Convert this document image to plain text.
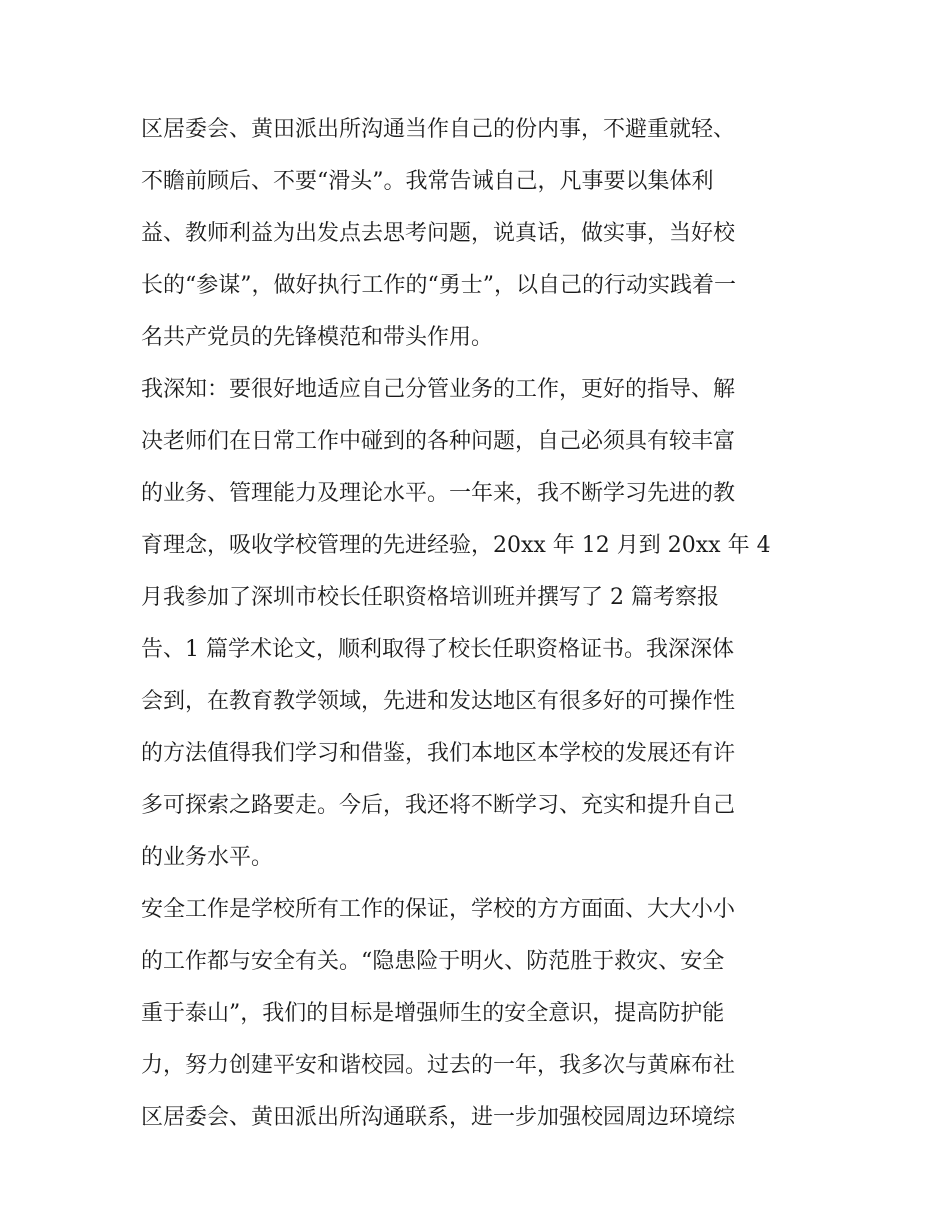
区居委会、黄田派出所沟通当作自己的份内事，不避重就轻、
不瞻前顾后、不要“滑头”。我常告诫自己，凡事要以集体利
益、教师利益为出发点去思考问题，说真话，做实事，当好校
长的“参谋”，做好执行工作的“勇士”，以自己的行动实践着一
名共产党员的先锋模范和带头作用。
我深知：要很好地适应自己分管业务的工作，更好的指导、解
决老师们在日常工作中碰到的各种问题，自己必须具有较丰富
的业务、管理能力及理论水平。一年来，我不断学习先进的教
育理念，吸收学校管理的先进经验，20xx 年 12 月到 20xx 年 4
月我参加了深圳市校长任职资格培训班并撰写了 2 篇考察报
告、1 篇学术论文，顺利取得了校长任职资格证书。我深深体
会到，在教育教学领域，先进和发达地区有很多好的可操作性
的方法值得我们学习和借鉴，我们本地区本学校的发展还有许
多可探索之路要走。今后，我还将不断学习、充实和提升自己
的业务水平。
安全工作是学校所有工作的保证，学校的方方面面、大大小小
的工作都与安全有关。“隐患险于明火、防范胜于救灾、安全
重于泰山”，我们的目标是增强师生的安全意识，提高防护能
力，努力创建平安和谐校园。过去的一年，我多次与黄麻布社
区居委会、黄田派出所沟通联系，进一步加强校园周边环境综
